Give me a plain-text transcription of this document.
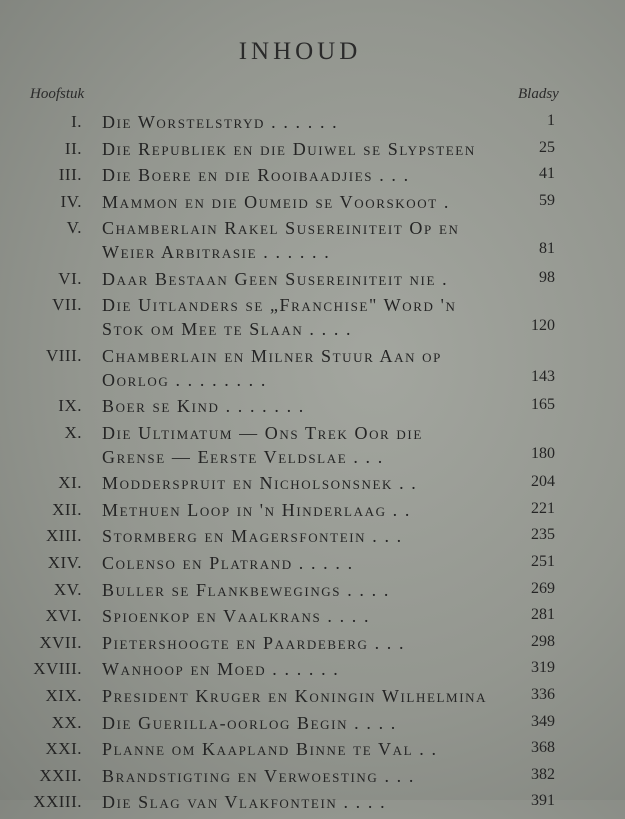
INHOUD
Hoofstuk	Bladsy
I. Die Worstelstryd . . . . . .	1
II. Die Republiek en die Duiwel se Slypsteen	25
III. Die Boere en die Rooibaadjies . . .	41
IV. Mammon en die Oumeid se Voorskoot .	59
V. Chamberlain Rakel Susereiniteit Op en
Weier Arbitrasie . . . . . .	81
VI. Daar Bestaan Geen Susereiniteit nie .	98
VII. Die Uitlanders se „Franchise" Word 'n
Stok om Mee te Slaan . . . .	120
VIII. Chamberlain en Milner Stuur Aan op
Oorlog . . . . . . . .	143
IX. Boer se Kind . . . . . . .	165
X. Die Ultimatum — Ons Trek Oor die
Grense — Eerste Veldslae . . .	180
XI. Modderspruit en Nicholsonsnek . .	204
XII. Methuen Loop in 'n Hinderlaag . .	221
XIII. Stormberg en Magersfontein . . .	235
XIV. Colenso en Platrand . . . . .	251
XV. Buller se Flankbewegings . . . .	269
XVI. Spioenkop en Vaalkrans . . . .	281
XVII. Pietershoogte en Paardeberg . . .	298
XVIII. Wanhoop en Moed . . . . . .	319
XIX. President Kruger en Koningin Wilhelmina	336
XX. Die Guerilla-oorlog Begin . . . .	349
XXI. Planne om Kaapland Binne te Val . .	368
XXII. Brandstigting en Verwoesting . . .	382
XXIII. Die Slag van Vlakfontein . . . .	391
